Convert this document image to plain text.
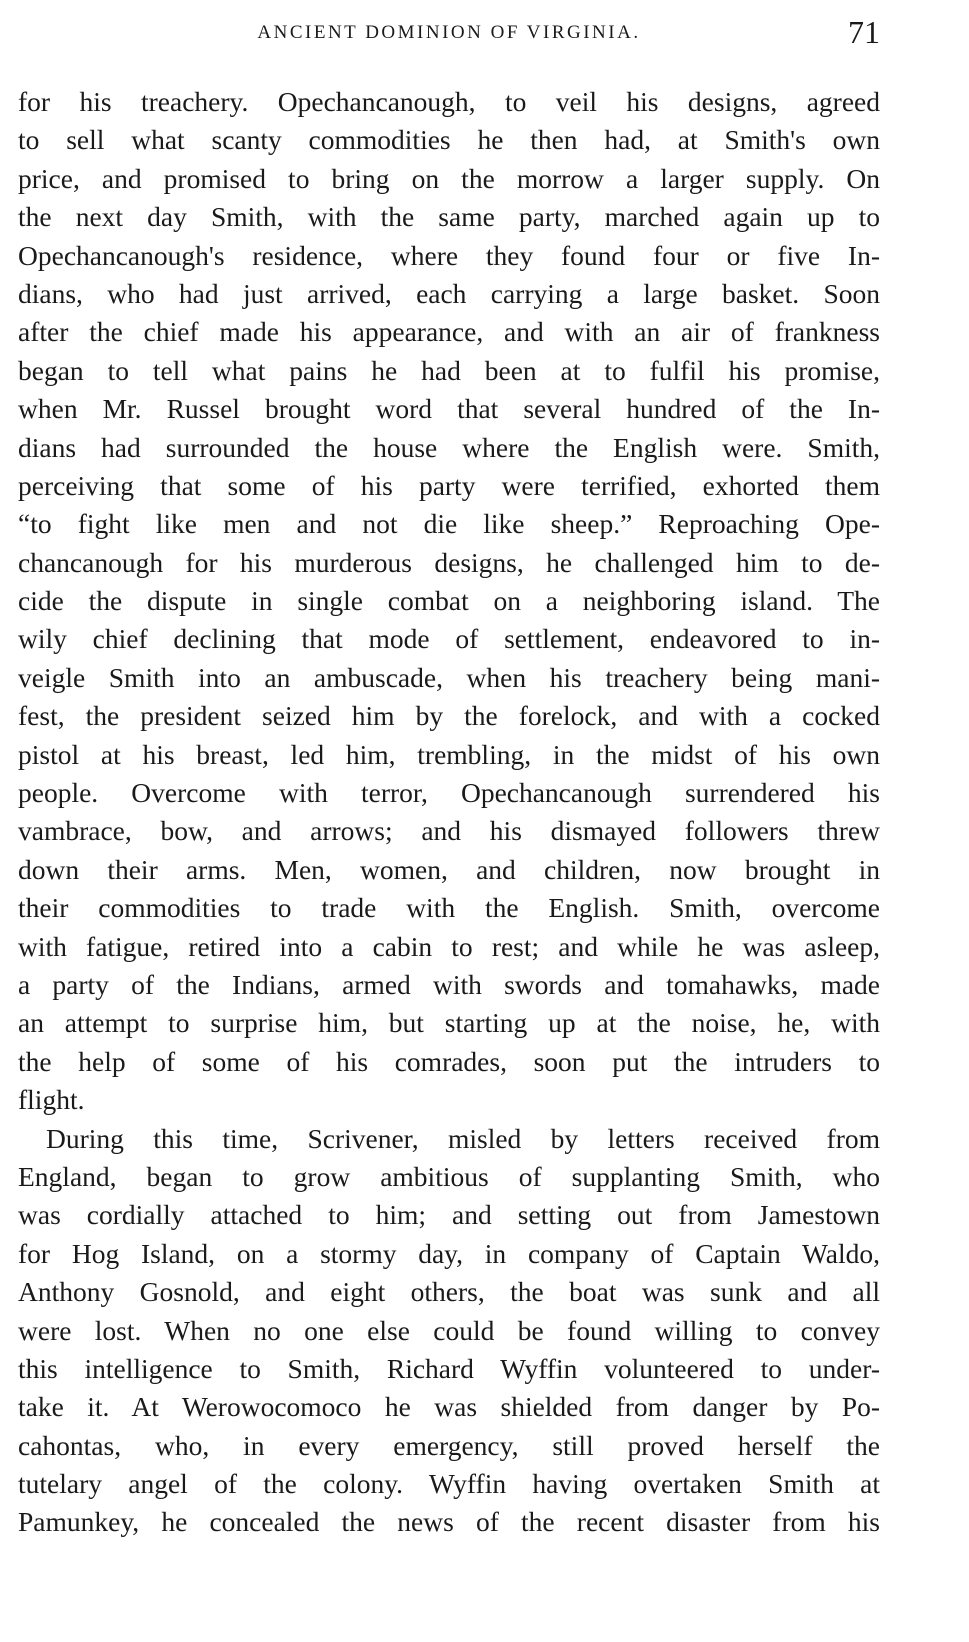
ANCIENT DOMINION OF VIRGINIA.	71
for his treachery. Opechancanough, to veil his designs, agreed
to sell what scanty commodities he then had, at Smith's own
price, and promised to bring on the morrow a larger supply. On
the next day Smith, with the same party, marched again up to
Opechancanough's residence, where they found four or five In-
dians, who had just arrived, each carrying a large basket. Soon
after the chief made his appearance, and with an air of frankness
began to tell what pains he had been at to fulfil his promise,
when Mr. Russel brought word that several hundred of the In-
dians had surrounded the house where the English were. Smith,
perceiving that some of his party were terrified, exhorted them
“to fight like men and not die like sheep.” Reproaching Ope-
chancanough for his murderous designs, he challenged him to de-
cide the dispute in single combat on a neighboring island. The
wily chief declining that mode of settlement, endeavored to in-
veigle Smith into an ambuscade, when his treachery being mani-
fest, the president seized him by the forelock, and with a cocked
pistol at his breast, led him, trembling, in the midst of his own
people. Overcome with terror, Opechancanough surrendered his
vambrace, bow, and arrows; and his dismayed followers threw
down their arms. Men, women, and children, now brought in
their commodities to trade with the English. Smith, overcome
with fatigue, retired into a cabin to rest; and while he was asleep,
a party of the Indians, armed with swords and tomahawks, made
an attempt to surprise him, but starting up at the noise, he, with
the help of some of his comrades, soon put the intruders to
flight.
During this time, Scrivener, misled by letters received from
England, began to grow ambitious of supplanting Smith, who
was cordially attached to him; and setting out from Jamestown
for Hog Island, on a stormy day, in company of Captain Waldo,
Anthony Gosnold, and eight others, the boat was sunk and all
were lost. When no one else could be found willing to convey
this intelligence to Smith, Richard Wyffin volunteered to under-
take it. At Werowocomoco he was shielded from danger by Po-
cahontas, who, in every emergency, still proved herself the
tutelary angel of the colony. Wyffin having overtaken Smith at
Pamunkey, he concealed the news of the recent disaster from his
